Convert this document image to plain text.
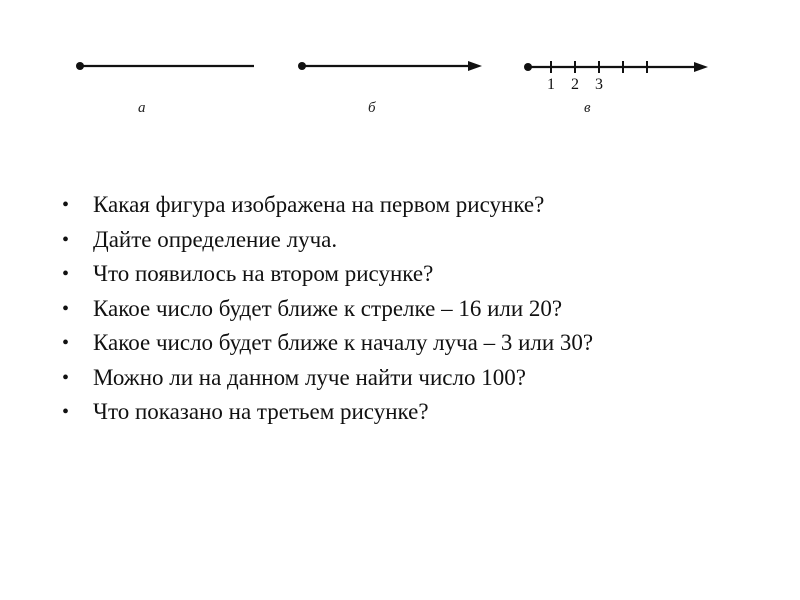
1 2 3
а	б	в
• Какая фигура изображена на первом рисунке?
• Дайте определение луча.
• Что появилось на втором рисунке?
• Какое число будет ближе к стрелке – 16 или 20?
• Какое число будет ближе к началу луча – 3 или 30?
• Можно ли на данном луче найти число 100?
• Что показано на третьем рисунке?
